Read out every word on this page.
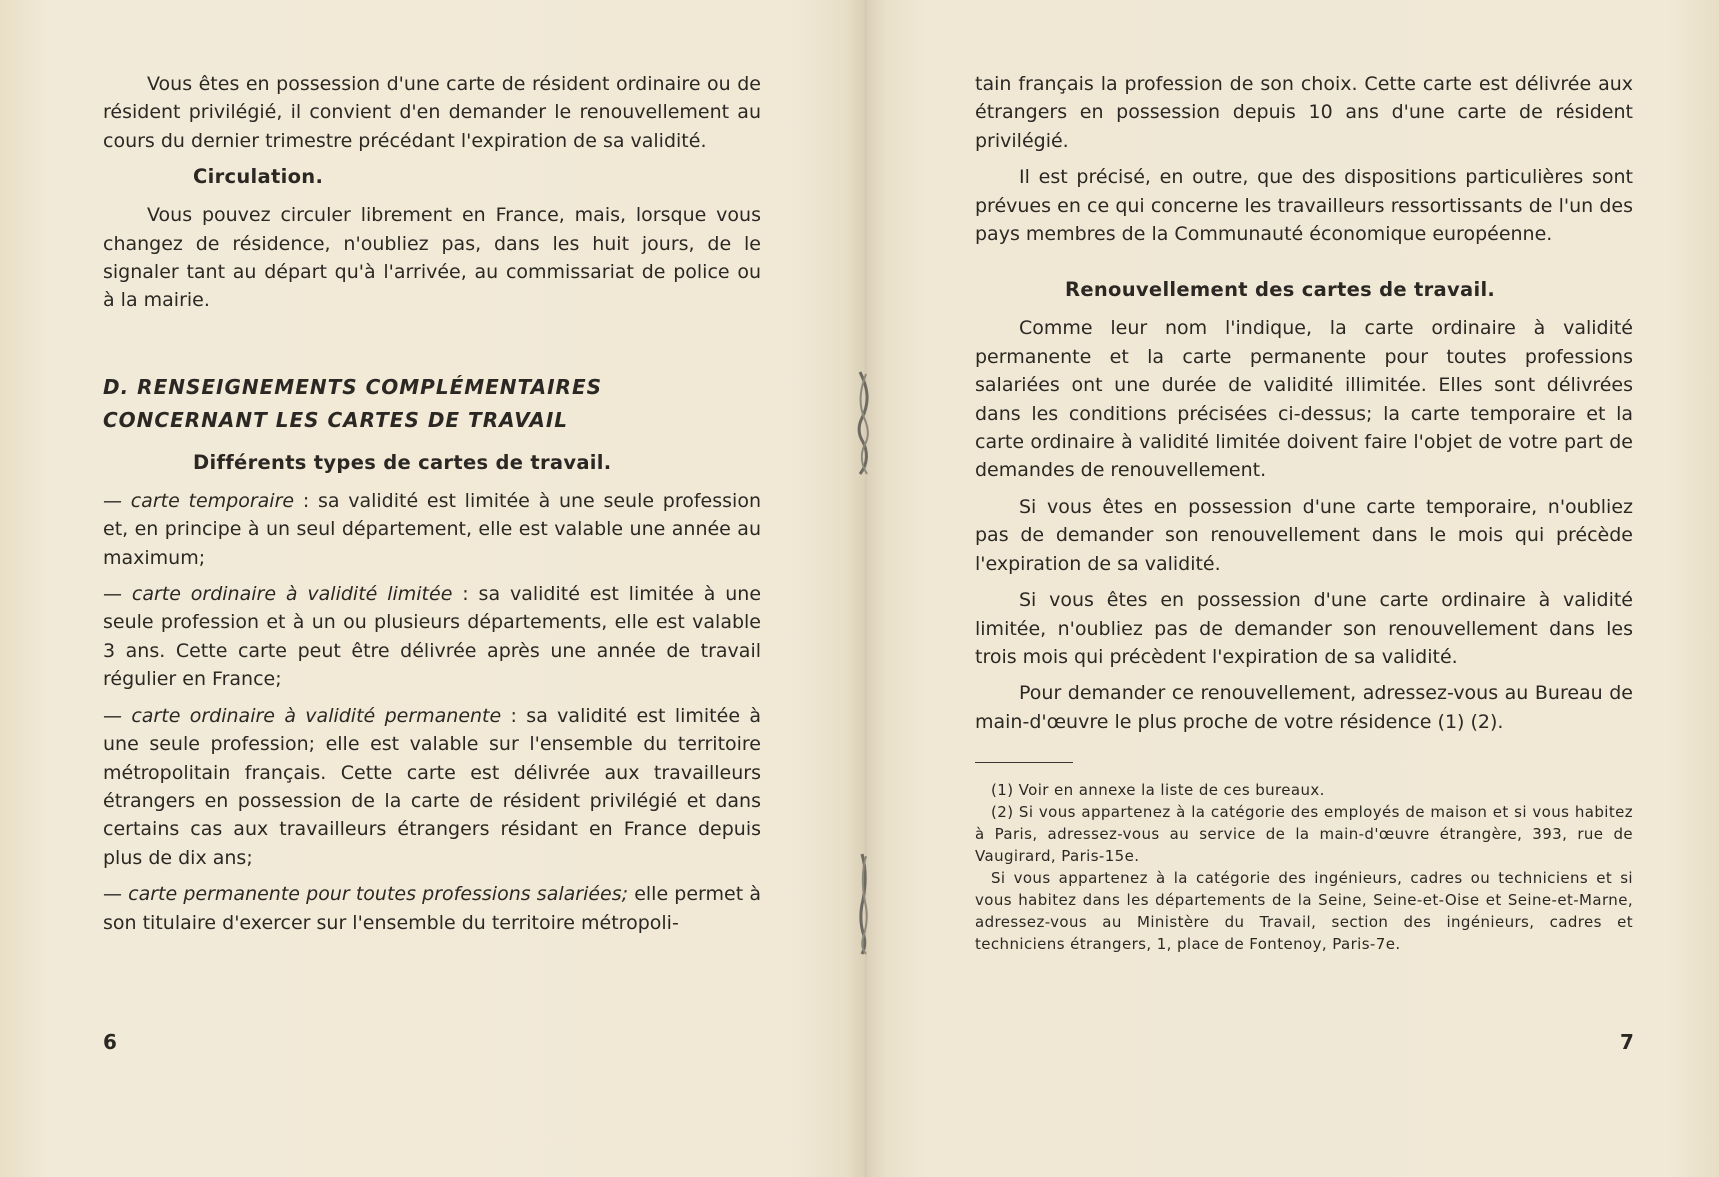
Vous êtes en possession d'une carte de résident ordinaire ou de résident privilégié, il convient d'en demander le renouvellement au cours du dernier trimestre précédant l'expiration de sa validité.

Circulation.

Vous pouvez circuler librement en France, mais, lorsque vous changez de résidence, n'oubliez pas, dans les huit jours, de le signaler tant au départ qu'à l'arrivée, au commissariat de police ou à la mairie.

D. RENSEIGNEMENTS COMPLÉMENTAIRES
CONCERNANT LES CARTES DE TRAVAIL
Différents types de cartes de travail.

— carte temporaire : sa validité est limitée à une seule profession et, en principe à un seul département, elle est valable une année au maximum;

— carte ordinaire à validité limitée : sa validité est limitée à une seule profession et à un ou plusieurs départements, elle est valable 3 ans. Cette carte peut être délivrée après une année de travail régulier en France;

— carte ordinaire à validité permanente : sa validité est limitée à une seule profession; elle est valable sur l'ensemble du territoire métropolitain français. Cette carte est délivrée aux travailleurs étrangers en possession de la carte de résident privilégié et dans certains cas aux travailleurs étrangers résidant en France depuis plus de dix ans;

— carte permanente pour toutes professions salariées; elle permet à son titulaire d'exercer sur l'ensemble du territoire métropoli-

6

tain français la profession de son choix. Cette carte est délivrée aux étrangers en possession depuis 10 ans d'une carte de résident privilégié.

Il est précisé, en outre, que des dispositions particulières sont prévues en ce qui concerne les travailleurs ressortissants de l'un des pays membres de la Communauté économique européenne.

Renouvellement des cartes de travail.

Comme leur nom l'indique, la carte ordinaire à validité permanente et la carte permanente pour toutes professions salariées ont une durée de validité illimitée. Elles sont délivrées dans les conditions précisées ci-dessus; la carte temporaire et la carte ordinaire à validité limitée doivent faire l'objet de votre part de demandes de renouvellement.

Si vous êtes en possession d'une carte temporaire, n'oubliez pas de demander son renouvellement dans le mois qui précède l'expiration de sa validité.

Si vous êtes en possession d'une carte ordinaire à validité limitée, n'oubliez pas de demander son renouvellement dans les trois mois qui précèdent l'expiration de sa validité.

Pour demander ce renouvellement, adressez-vous au Bureau de main-d'œuvre le plus proche de votre résidence (1) (2).

(1) Voir en annexe la liste de ces bureaux.
(2) Si vous appartenez à la catégorie des employés de maison et si vous habitez à Paris, adressez-vous au service de la main-d'œuvre étrangère, 393, rue de Vaugirard, Paris-15e.
Si vous appartenez à la catégorie des ingénieurs, cadres ou techniciens et si vous habitez dans les départements de la Seine, Seine-et-Oise et Seine-et-Marne, adressez-vous au Ministère du Travail, section des ingénieurs, cadres et techniciens étrangers, 1, place de Fontenoy, Paris-7e.
7
